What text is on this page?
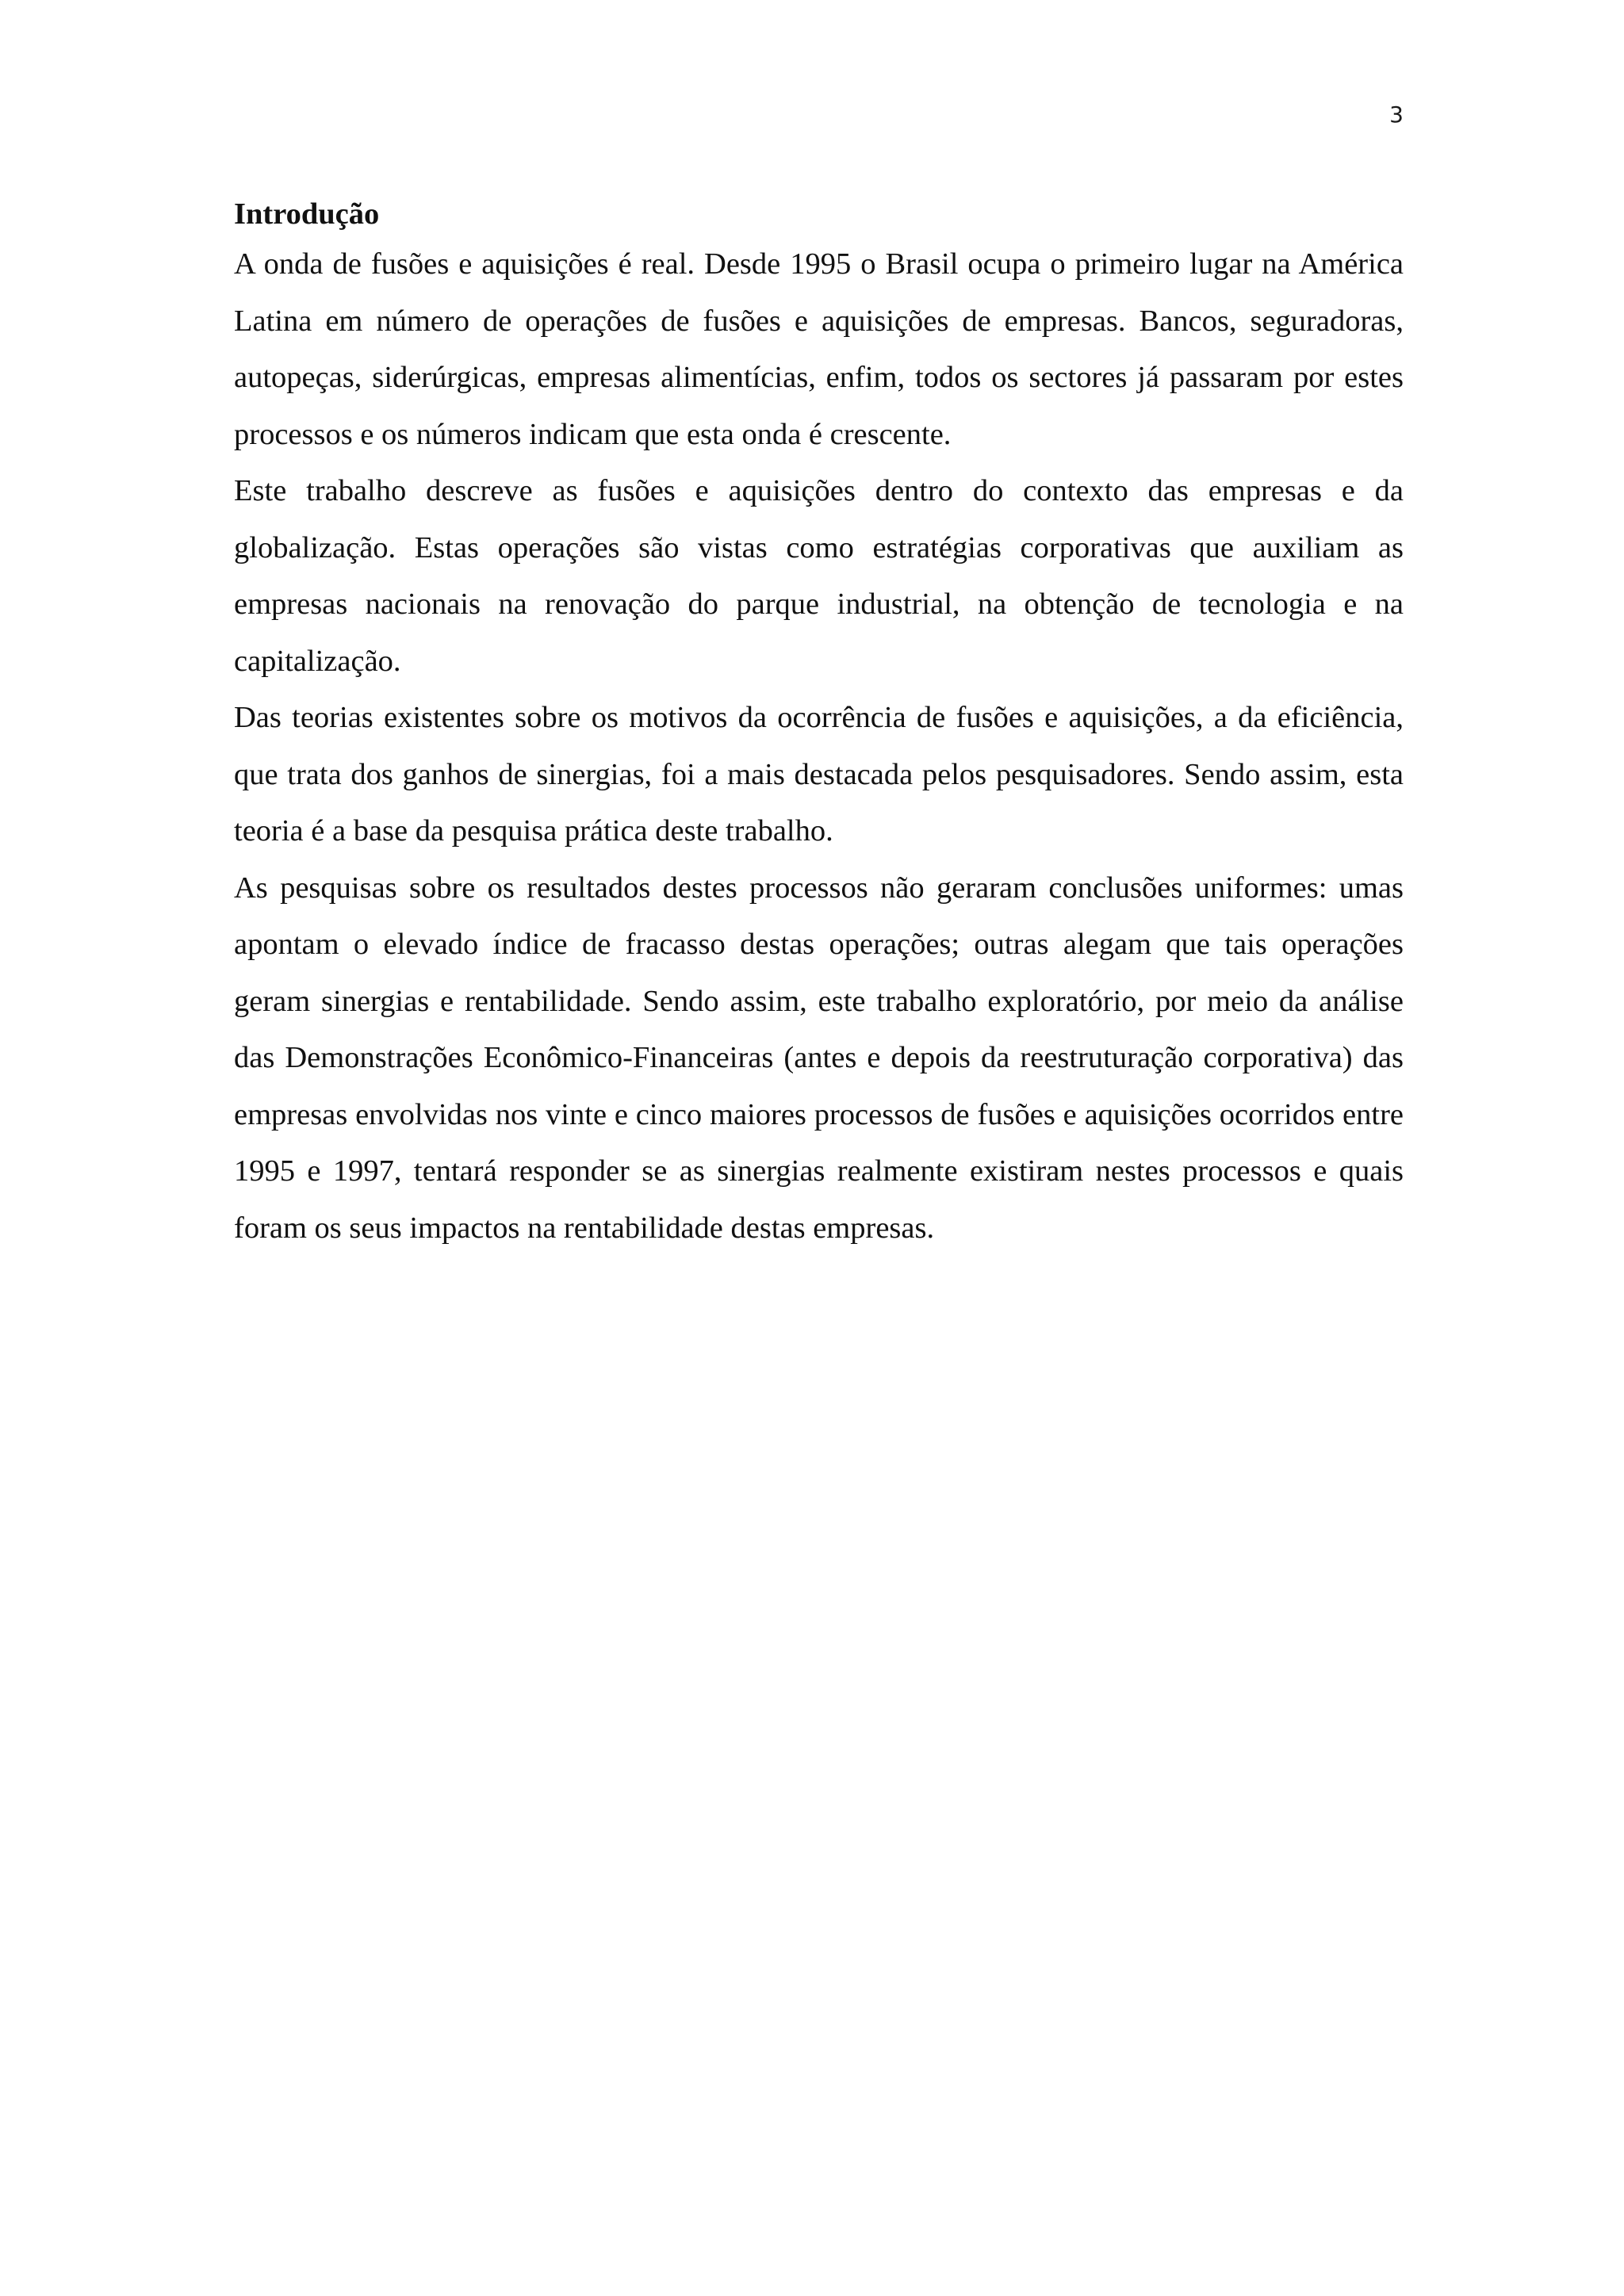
3
Introdução

A onda de fusões e aquisições é real. Desde 1995 o Brasil ocupa o primeiro lugar na América Latina em número de operações de fusões e aquisições de empresas. Bancos, seguradoras, autopeças, siderúrgicas, empresas alimentícias, enfim, todos os sectores já passaram por estes processos e os números indicam que esta onda é crescente.

Este trabalho descreve as fusões e aquisições dentro do contexto das empresas e da globalização. Estas operações são vistas como estratégias corporativas que auxiliam as empresas nacionais na renovação do parque industrial, na obtenção de tecnologia e na capitalização.

Das teorias existentes sobre os motivos da ocorrência de fusões e aquisições, a da eficiência, que trata dos ganhos de sinergias, foi a mais destacada pelos pesquisadores. Sendo assim, esta teoria é a base da pesquisa prática deste trabalho.

As pesquisas sobre os resultados destes processos não geraram conclusões uniformes: umas apontam o elevado índice de fracasso destas operações; outras alegam que tais operações geram sinergias e rentabilidade. Sendo assim, este trabalho exploratório, por meio da análise das Demonstrações Econômico-Financeiras (antes e depois da reestruturação corporativa) das empresas envolvidas nos vinte e cinco maiores processos de fusões e aquisições ocorridos entre 1995 e 1997, tentará responder se as sinergias realmente existiram nestes processos e quais foram os seus impactos na rentabilidade destas empresas.
